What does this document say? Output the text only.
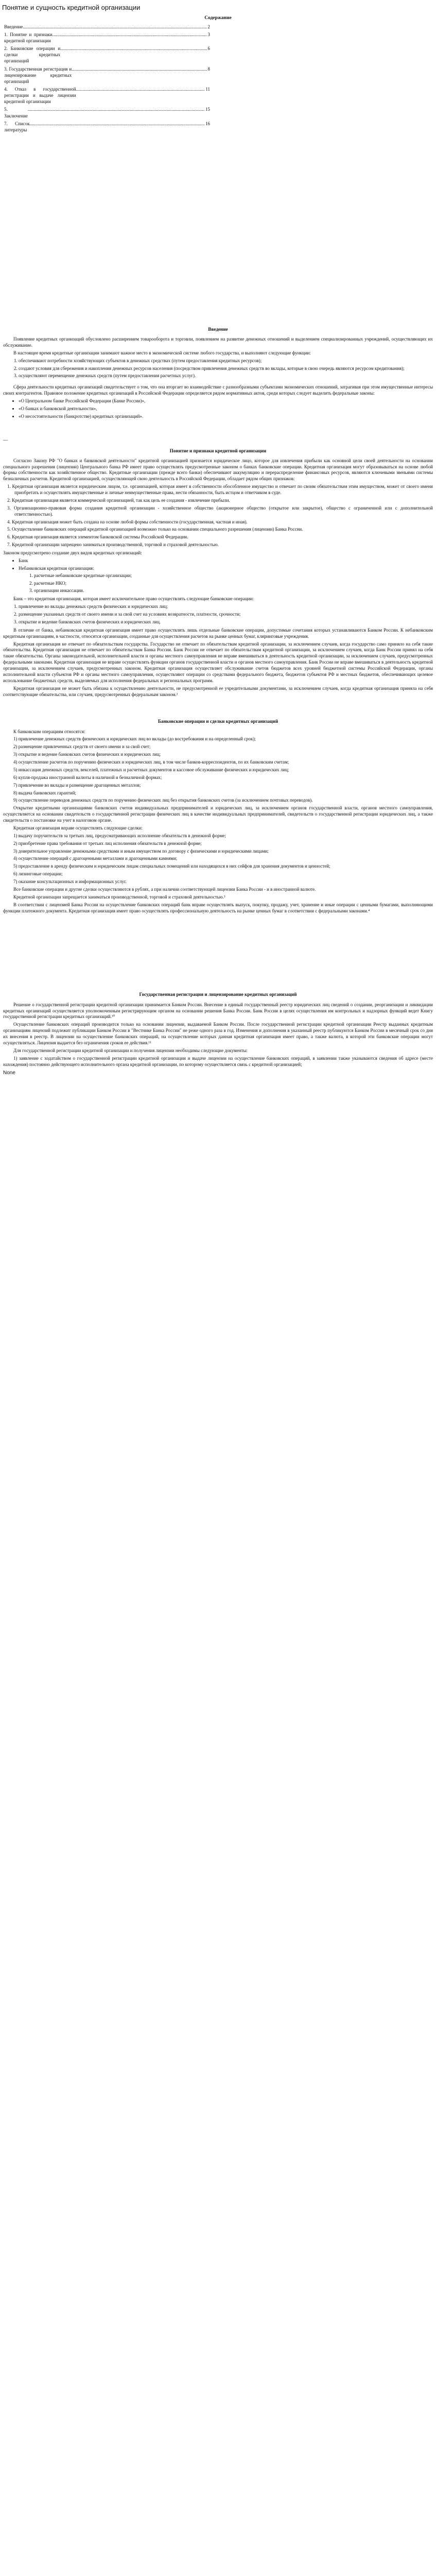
Понятие и сущность кредитной организации
Содержание
Введение
.....	2
1. Понятие и признаки кредитной организации
.....
3
2. Банковские операции и сделки кредитных организаций
.....
6
3. Государственная регистрация и лицензирование кредитных организаций
.....
8
4. Отказ в государственной регистрации и выдаче лицензии кредитной организации
.....
11
5. Заключение
.....
15
7. Список литературы
.....
16
Введение

Появление кредитных организаций обусловлено расширением товарооборота и торговли, появлением на развитие денежных отношений и выделением специализированных учреждений, осуществляющих их обслуживание.

В настоящее время кредитные организации занимают важное место в экономической системе любого государства, и выполняют следующие функции:

1. обеспечивают потребности хозяйствующих субъектов в денежных средствах (путем предоставления кредитных ресурсов);
2. создают условия для сбережения и накопления денежных ресурсов населения (посредством привлечения денежных средств во вклады, которые в свою очередь являются ресурсом кредитования);
3. осуществляют перемещение денежных средств (путем предоставления расчетных услуг).

Сфера деятельности кредитных организаций свидетельствует о том, что она вторгает во взаимодействие с разнообразными субъектами экономических отношений, затрагивая при этом имущественные интересы своих контрагентов. Правовое положение кредитных организаций в Российской Федерации определяется рядом нормативных актов, среди которых следует выделить федеральные законы:

• «О Центральном банке Российской Федерации (Банке России)»,
• «О банках и банковской деятельности»,
• «О несостоятельности (банкротстве) кредитных организаций».

—

Понятие и признаки кредитной организации

Согласно Закону РФ "О банках и банковской деятельности" кредитной организацией признается юридическое лицо, которое для извлечения прибыли как основной цели своей деятельности на основании специального разрешения (лицензии) Центрального банка РФ имеет право осуществлять предусмотренные законом о банках банковские операции. Кредитная организация могут образовываться на основе любой формы собственности как хозяйственное общество. Кредитные организации (прежде всего банки) обеспечивают аккумуляцию и перераспределение финансовых ресурсов, являются ключевыми звеньями системы безналичных расчетов. Кредитной организацией, осуществляющей свою деятельность в Российской Федерации, обладает рядом общих признаков:

1. Кредитная организация является юридическим лицом, т.е. организацией, которая имеет в собственности обособленное имущество и отвечает по своим обязательствам этим имуществом, может от своего имени приобретать и осуществлять имущественные и личные неимущественные права, нести обязанности, быть истцом и ответчиком в суде.
2. Кредитная организация является коммерческой организацией, так как цель ее создания - извлечение прибыли.
3. Организационно-правовая форма создания кредитной организации - хозяйственное общество (акционерное общество (открытое или закрытое), общество с ограниченной или с дополнительной ответственностью).
4. Кредитная организация может быть создана на основе любой формы собственности (государственная, частная и иная).
5. Осуществление банковских операций кредитной организацией возможно только на основании специального разрешения (лицензии) Банка России.
6. Кредитная организация является элементом банковской системы Российской Федерации.
7. Кредитной организации запрещено заниматься производственной, торговой и страховой деятельностью.

Законом предусмотрено создание двух видов кредитных организаций:

• Банк
• Небанковская кредитная организация:
1. расчетные небанковские кредитные организации;
2. расчетные НКО;
3. организации инкассации.

Банк – это кредитная организация, которая имеет исключительное право осуществлять следующие банковские операции:

1. привлечение во вклады денежных средств физических и юридических лиц;
2. размещение указанных средств от своего имени и за свой счет на условиях возвратности, платности, срочности;
3. открытие и ведение банковских счетов физических и юридических лиц.

В отличие от банка, небанковская кредитная организация имеет право осуществлять лишь отдельные банковские операции, допустимые сочетания которых устанавливаются Банком России. К небанковским кредитным организациям, в частности, относятся организации, созданные для осуществления расчетов на рынке ценных бумаг, клиринговые учреждения.

Кредитная организация не отвечает по обязательствам государства. Государство не отвечает по обязательствам кредитной организации, за исключением случаев, когда государство само приняло на себя такие обязательства. Кредитная организация не отвечает по обязательствам Банка России. Банк России не отвечает по обязательствам кредитной организации, за исключением случаев, когда Банк России принял на себя такие обязательства. Органы законодательной, исполнительной власти и органы местного самоуправления не вправе вмешиваться в деятельность кредитной организации, за исключением случаев, предусмотренных федеральными законами. Кредитная организация не вправе осуществлять функции органов государственной власти и органов местного самоуправления. Банк России не вправе вмешиваться в деятельность кредитной организации, за исключением случаев, предусмотренных законом. Кредитная организация осуществляет обслуживание счетов бюджетов всех уровней бюджетной системы Российской Федерации, органы исполнительной власти субъектов РФ и органы местного самоуправления, осуществляют операции со средствами федерального бюджета, бюджетов субъектов РФ и местных бюджетов, обеспечивающих целевое использование бюджетных средств, выделяемых для исполнения федеральных и региональных программ.

Кредитная организация не может быть обязана к осуществлению деятельности, не предусмотренной ее учредительными документами, за исключением случаев, когда кредитная организация приняла на себя соответствующие обязательства, или случаев, предусмотренных федеральным законом.²

Банковские операции и сделки кредитных организаций

К банковским операциям относятся:

1) привлечение денежных средств физических и юридических лиц во вклады (до востребования и на определенный срок);

2) размещение привлеченных средств от своего имени и за свой счет;

3) открытие и ведение банковских счетов физических и юридических лиц;

4) осуществление расчетов по поручению физических и юридических лиц, в том числе банков-корреспондентов, по их банковским счетам;

5) инкассация денежных средств, векселей, платежных и расчетных документов и кассовое обслуживание физических и юридических лиц;

6) купля-продажа иностранной валюты в наличной и безналичной формах;

7) привлечение во вклады и размещение драгоценных металлов;

8) выдача банковских гарантий;

9) осуществление переводов денежных средств по поручению физических лиц без открытия банковских счетов (за исключением почтовых переводов).

Открытие кредитными организациями банковских счетов индивидуальных предпринимателей и юридических лиц, за исключением органов государственной власти, органов местного самоуправления, осуществляется на основании свидетельств о государственной регистрации физических лиц в качестве индивидуальных предпринимателей, свидетельств о государственной регистрации юридических лиц, а также свидетельств о постановке на учет в налоговом органе.

Кредитная организация вправе осуществлять следующие сделки:

1) выдачу поручительств за третьих лиц, предусматривающих исполнение обязательств в денежной форме;

2) приобретение права требования от третьих лиц исполнения обязательств в денежной форме;

3) доверительное управление денежными средствами и иным имуществом по договору с физическими и юридическими лицами;

4) осуществление операций с драгоценными металлами и драгоценными камнями;

5) предоставление в аренду физическим и юридическим лицам специальных помещений или находящихся в них сейфов для хранения документов и ценностей;

6) лизинговые операции;

7) оказание консультационных и информационных услуг.

Все банковские операции и другие сделки осуществляются в рублях, а при наличии соответствующей лицензии Банка России - и в иностранной валюте.

Кредитной организации запрещается заниматься производственной, торговой и страховой деятельностью.³

В соответствии с лицензией Банка России на осуществление банковских операций банк вправе осуществлять выпуск, покупку, продажу, учет, хранение и иные операции с ценными бумагами, выполняющими функции платежного документа. Кредитная организация имеет право осуществлять профессиональную деятельность на рынке ценных бумаг в соответствии с федеральными законами.⁴

Государственная регистрация и лицензирование кредитных организаций

Решение о государственной регистрации кредитной организации принимается Банком России. Внесение в единый государственный реестр юридических лиц сведений о создании, реорганизации и ликвидации кредитных организаций осуществляется уполномоченным регистрирующим органом на основании решения Банка России. Банк России в целях осуществления им контрольных и надзорных функций ведет Книгу государственной регистрации кредитных организаций.¹⁰

Осуществление банковских операций производится только на основании лицензии, выдаваемой Банком России. После государственной регистрации кредитной организации Реестр выданных кредитным организациям лицензий подлежит публикации Банком России в "Вестнике Банка России" не реже одного раза в год. Изменения и дополнения в указанный реестр публикуются Банком России в месячный срок со дня их внесения в реестр. В лицензии на осуществление банковских операций, на осуществление которых данная кредитная организация имеет право, а также валюта, в которой эти банковские операции могут осуществляться. Лицензия выдается без ограничения сроков ее действия.¹¹

Для государственной регистрации кредитной организации и получения лицензии необходимы следующие документы:

1) заявление с ходатайством о государственной регистрации кредитной организации и выдаче лицензии на осуществление банковских операций, в заявлении также указываются сведения об адресе (месте нахождения) постоянно действующего исполнительного органа кредитной организации, по которому осуществляется связь с кредитной организацией;

None
